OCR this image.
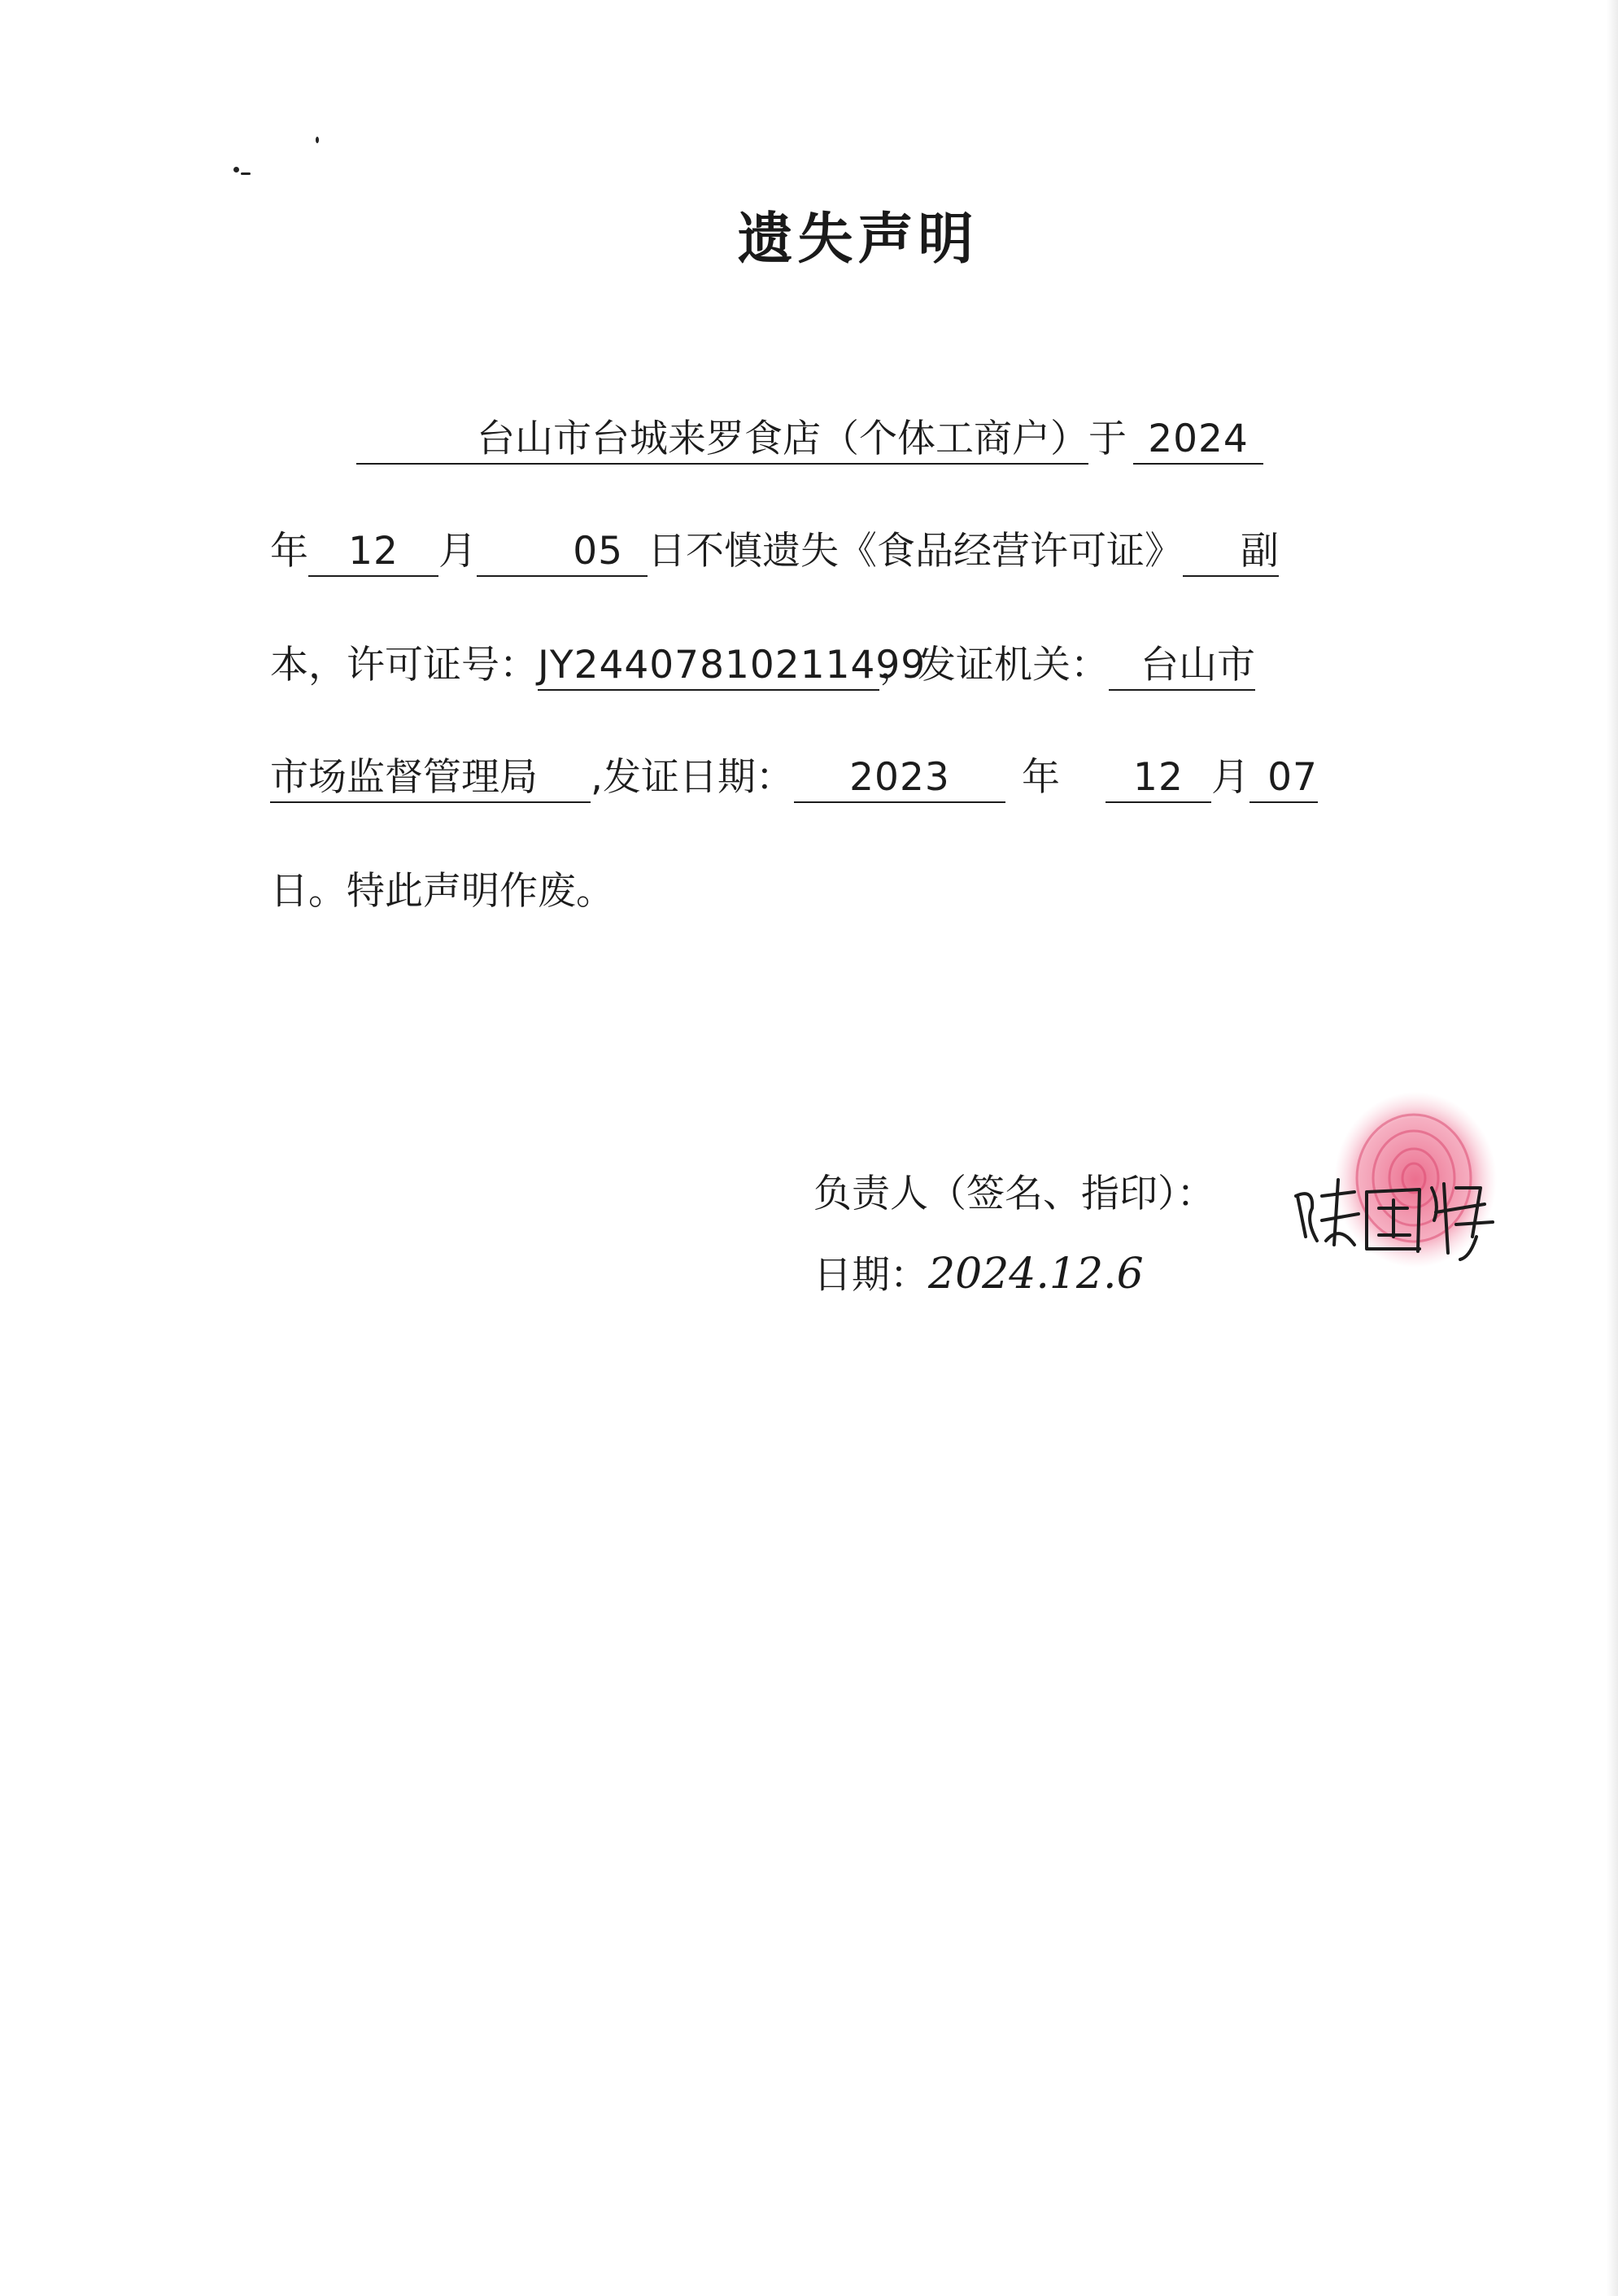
遗失声明
台山市台城来罗食店（个体工商户）于 2024
年 12 月	05 日不慎遗失《食品经营许可证》 副
本，许可证号：JY24407810211499，发证机关： 台山市
市场监督管理局 ,发证日期： 2023 年 12 月 07
日。特此声明作废。
负责人（签名、指印）：
日期：2024.12.6
